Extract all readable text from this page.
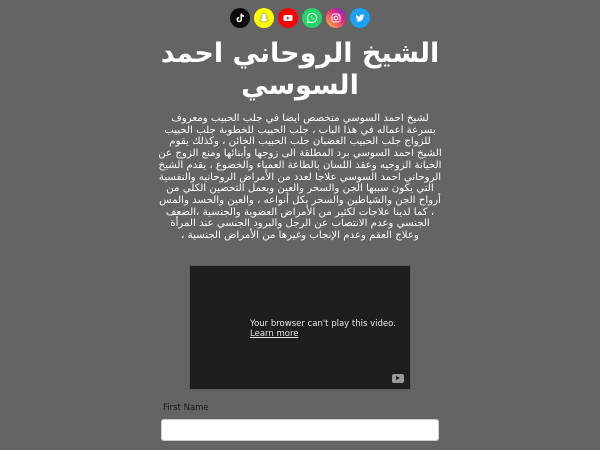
الشيخ الروحاني احمد السوسي

لشيخ احمد السوسي متخصص ايضا في جلب الحبيب ومعروف بسرعة اعماله في هذا الباب ، جلب الحبيب للخطوبة جلب الحبيب للزواج جلب الحبيب الغضبان جلب الحبيب الخائن ، وكذلك يقوم الشيخ احمد السوسي برد المطلقة الى زوجها وأبنائها ومنع الزوج عن الخيانة الزوجيه وعقد اللسان بالطاعة العمياء والخضوع ، يقدم الشيخ الروحاني احمد السوسي علاجا لعدد من الأمراض الروحانيه والنفسية التي يكون سببها الجن والسحر والعين وبعمل التحصين الكلي من أرواح الجن والشياطين والسحر بكل أنواعه ، والعين والحسد والمس ، كما لدينا علاجات لكثير من الأمراض العضوية والجنسية ،الضعف الجنسي وعدم الانتصاب عن الرجل والبرود الجنسي عند المرأة وعلاج العقم وعدم الإنجاب وغيرها من الأمراض الجنسية ،

Your browser can't play this video.
Learn more
First Name
